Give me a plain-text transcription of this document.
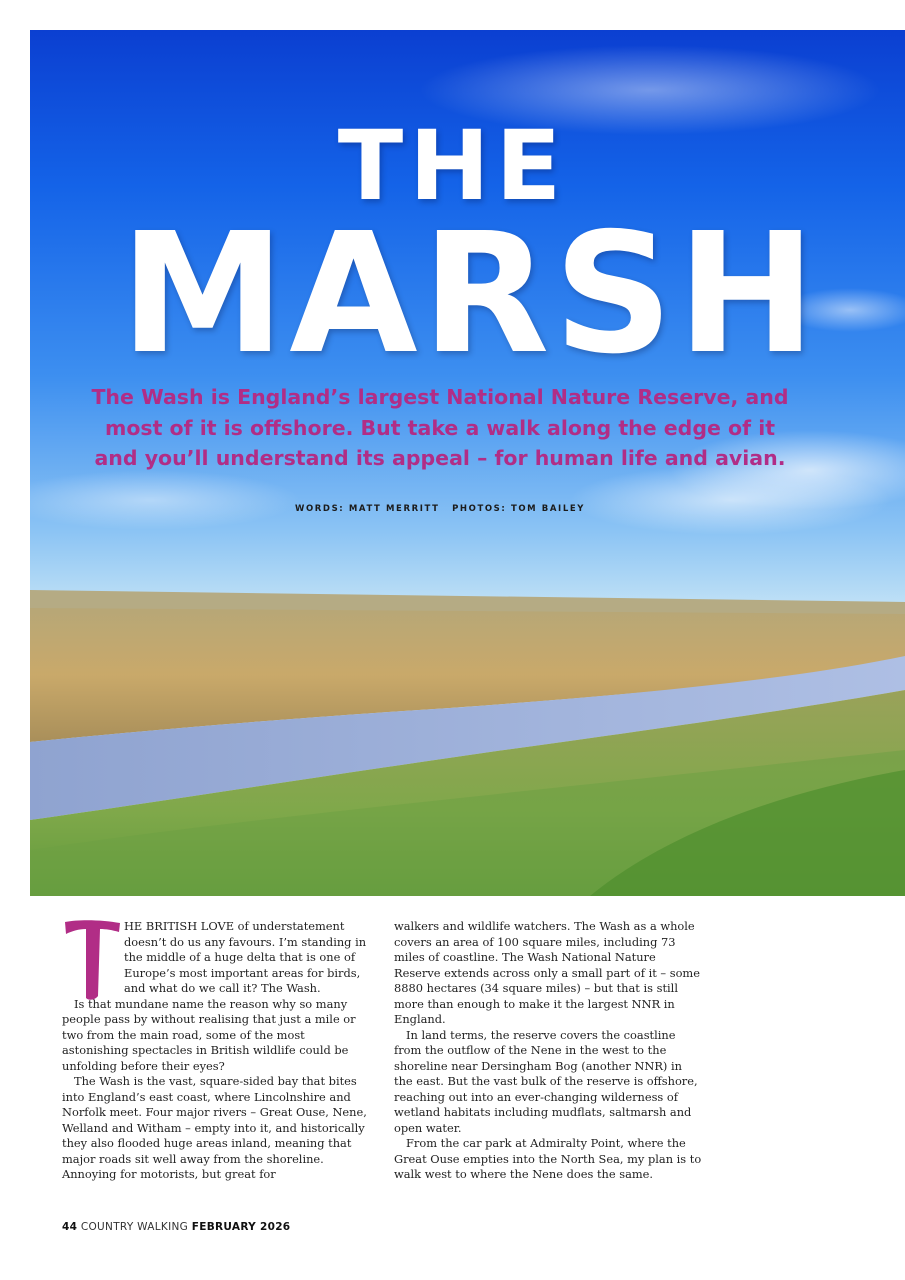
THE
MARSH
The Wash is England’s largest National Nature Reserve, and most of it is offshore. But take a walk along the edge of it and you’ll understand its appeal – for human life and avian.
WORDS: MATT MERRITT PHOTOS: TOM BAILEY
T

HE BRITISH LOVE of understatement doesn’t do us any favours. I’m standing in the middle of a huge delta that is one of Europe’s most important areas for birds, and what do we call it? The Wash.

Is that mundane name the reason why so many people pass by without realising that just a mile or two from the main road, some of the most astonishing spectacles in British wildlife could be unfolding before their eyes?

The Wash is the vast, square-sided bay that bites into England’s east coast, where Lincolnshire and Norfolk meet. Four major rivers – Great Ouse, Nene, Welland and Witham – empty into it, and historically they also flooded huge areas inland, meaning that major roads sit well away from the shoreline. Annoying for motorists, but great for

walkers and wildlife watchers. The Wash as a whole covers an area of 100 square miles, including 73 miles of coastline. The Wash National Nature Reserve extends across only a small part of it – some 8880 hectares (34 square miles) – but that is still more than enough to make it the largest NNR in England.

In land terms, the reserve covers the coastline from the outflow of the Nene in the west to the shoreline near Dersingham Bog (another NNR) in the east. But the vast bulk of the reserve is offshore, reaching out into an ever-changing wilderness of wetland habitats including mudflats, saltmarsh and open water.

From the car park at Admiralty Point, where the Great Ouse empties into the North Sea, my plan is to walk west to where the Nene does the same.

44 COUNTRY WALKING FEBRUARY 2026
